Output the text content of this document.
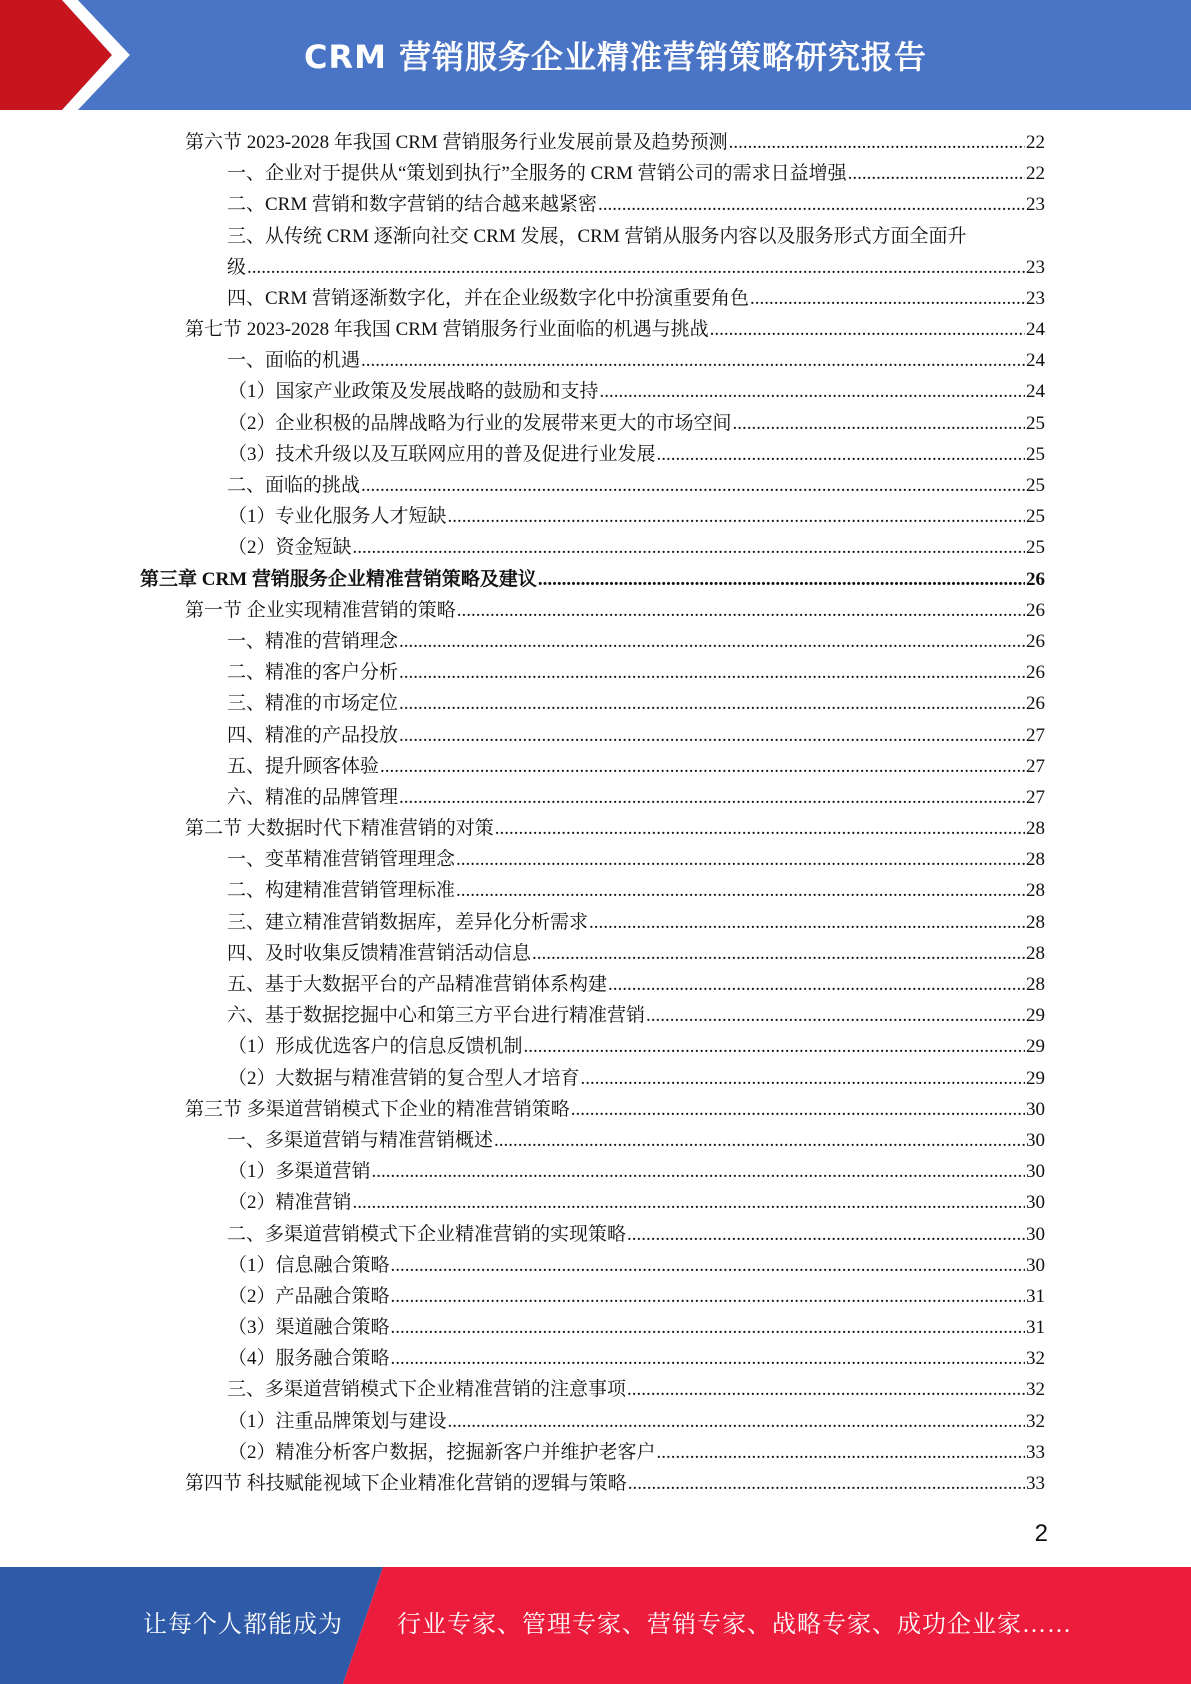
CRM 营销服务企业精准营销策略研究报告
第六节 2023-2028 年我国 CRM 营销服务行业发展前景及趋势预测 .....	22
一、企业对于提供从“策划到执行”全服务的 CRM 营销公司的需求日益增强 .....	22
二、CRM 营销和数字营销的结合越来越紧密 .....	23
三、从传统 CRM 逐渐向社交 CRM 发展，CRM 营销从服务内容以及服务形式方面全面升
级 .....	23
四、CRM 营销逐渐数字化，并在企业级数字化中扮演重要角色 .....	23
第七节 2023-2028 年我国 CRM 营销服务行业面临的机遇与挑战 .....	24
一、面临的机遇 .....	24
（1）国家产业政策及发展战略的鼓励和支持 .....	24
（2）企业积极的品牌战略为行业的发展带来更大的市场空间 .....	25
（3）技术升级以及互联网应用的普及促进行业发展 .....	25
二、面临的挑战 .....	25
（1）专业化服务人才短缺 .....	25
（2）资金短缺 .....	25
第三章 CRM 营销服务企业精准营销策略及建议 .....	26
第一节 企业实现精准营销的策略 .....	26
一、精准的营销理念 .....	26
二、精准的客户分析 .....	26
三、精准的市场定位 .....	26
四、精准的产品投放 .....	27
五、提升顾客体验 .....	27
六、精准的品牌管理 .....	27
第二节 大数据时代下精准营销的对策 .....	28
一、变革精准营销管理理念 .....	28
二、构建精准营销管理标准 .....	28
三、建立精准营销数据库，差异化分析需求 .....	28
四、及时收集反馈精准营销活动信息 .....	28
五、基于大数据平台的产品精准营销体系构建 .....	28
六、基于数据挖掘中心和第三方平台进行精准营销 .....	29
（1）形成优选客户的信息反馈机制 .....	29
（2）大数据与精准营销的复合型人才培育 .....	29
第三节 多渠道营销模式下企业的精准营销策略 .....	30
一、多渠道营销与精准营销概述 .....	30
（1）多渠道营销 .....	30
（2）精准营销 .....	30
二、多渠道营销模式下企业精准营销的实现策略 .....	30
（1）信息融合策略 .....	30
（2）产品融合策略 .....	31
（3）渠道融合策略 .....	31
（4）服务融合策略 .....	32
三、多渠道营销模式下企业精准营销的注意事项 .....	32
（1）注重品牌策划与建设 .....	32
（2）精准分析客户数据，挖掘新客户并维护老客户 .....	33
第四节 科技赋能视域下企业精准化营销的逻辑与策略 .....	33
2
让每个人都能成为 行业专家、管理专家、营销专家、战略专家、成功企业家……
